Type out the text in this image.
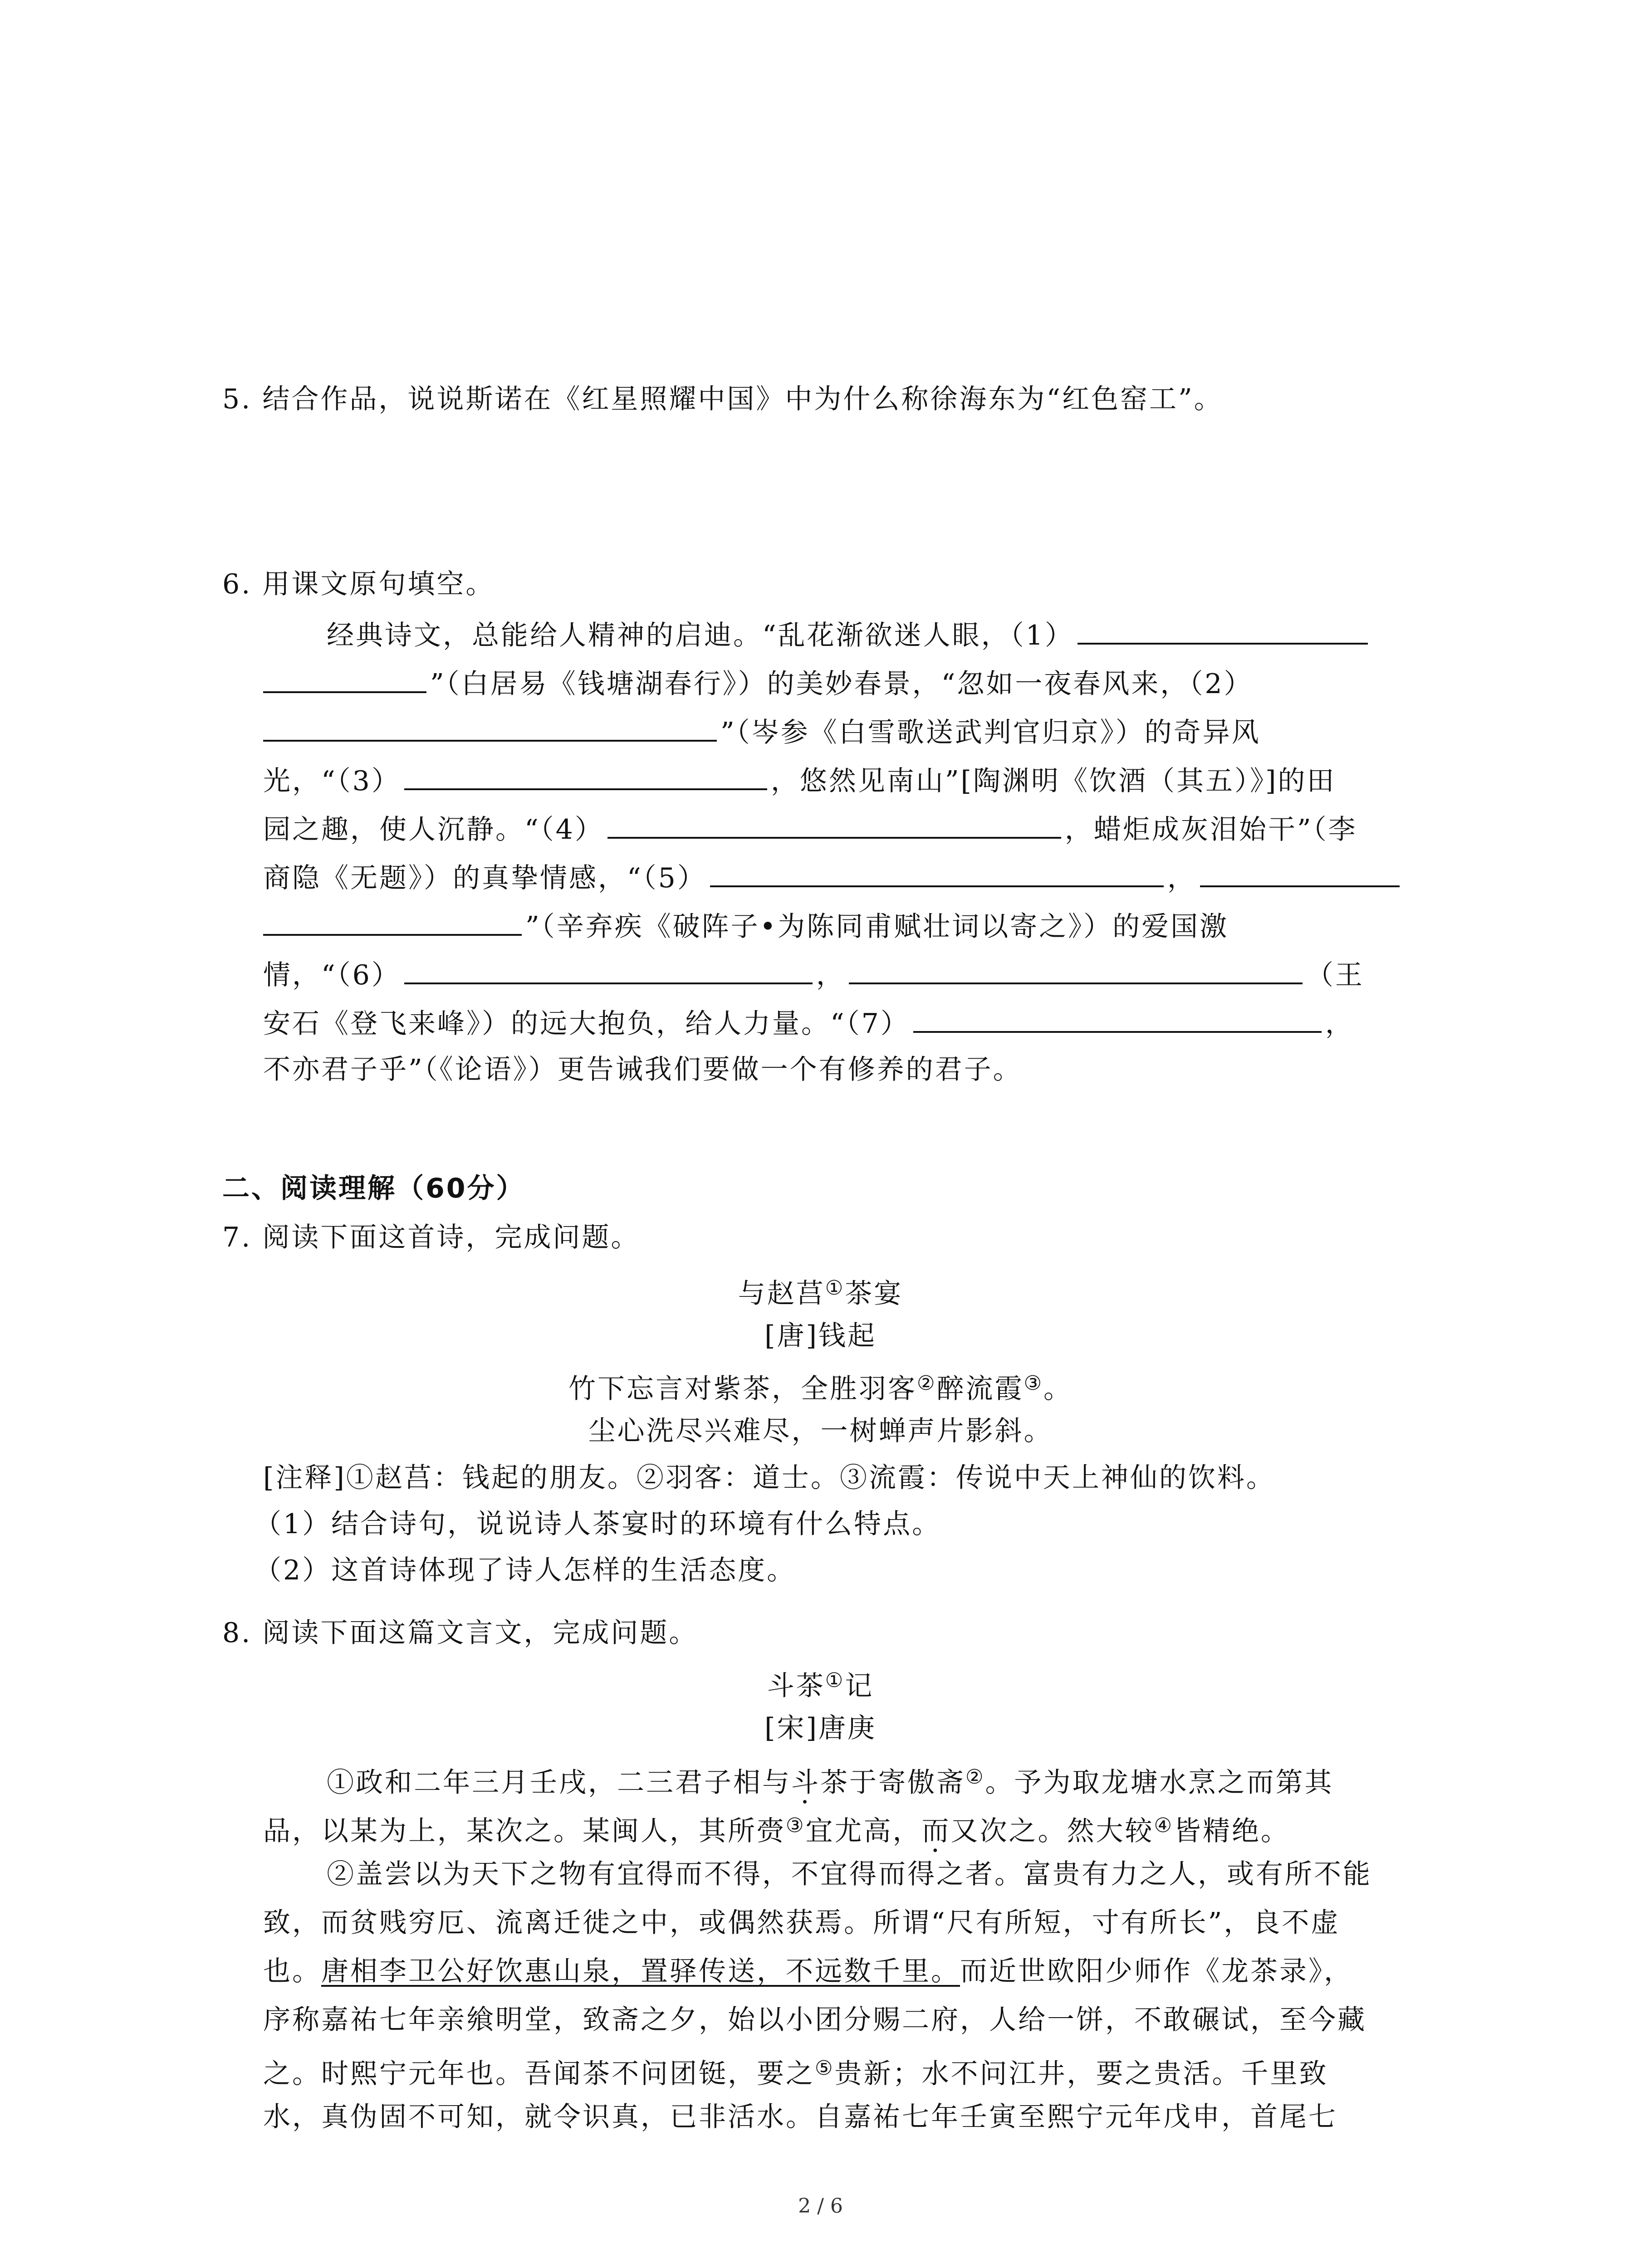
5. 结合作品，说说斯诺在《红星照耀中国》中为什么称徐海东为“红色窑工”。
6. 用课文原句填空。
经典诗文，总能给人精神的启迪。“乱花渐欲迷人眼，（1）
”（白居易《钱塘湖春行》）的美妙春景，“忽如一夜春风来，（2）
”（岑参《白雪歌送武判官归京》）的奇异风
光，“（3）	，悠然见南山”[陶渊明《饮酒（其五）》]的田
园之趣，使人沉静。“（4）	，蜡炬成灰泪始干”（李
商隐《无题》）的真挚情感，“（5）	，
”（辛弃疾《破阵子•为陈同甫赋壮词以寄之》）的爱国激
情，“（6）	，	（王
安石《登飞来峰》）的远大抱负，给人力量。“（7）	，
不亦君子乎”（《论语》）更告诫我们要做一个有修养的君子。
二、阅读理解（60分）
7. 阅读下面这首诗，完成问题。
与赵莒①茶宴
[唐]钱起
竹下忘言对紫茶，全胜羽客②醉流霞③。
尘心洗尽兴难尽，一树蝉声片影斜。
[注释]①赵莒：钱起的朋友。②羽客：道士。③流霞：传说中天上神仙的饮料。
（1）结合诗句，说说诗人茶宴时的环境有什么特点。
（2）这首诗体现了诗人怎样的生活态度。
8. 阅读下面这篇文言文，完成问题。
斗茶①记
[宋]唐庚
①政和二年三月壬戌，二三君子相与斗茶于寄傲斋②。予为取龙塘水烹之而第其
品，以某为上，某次之。某闽人，其所赍③宜尤高，而又次之。然大较④皆精绝。
②盖尝以为天下之物有宜得而不得，不宜得而得之者。富贵有力之人，或有所不能
致，而贫贱穷厄、流离迁徙之中，或偶然获焉。所谓“尺有所短，寸有所长”，良不虚
也。唐相李卫公好饮惠山泉，置驿传送，不远数千里。而近世欧阳少师作《龙茶录》，
序称嘉祐七年亲飨明堂，致斋之夕，始以小团分赐二府，人给一饼，不敢碾试，至今藏
之。时熙宁元年也。吾闻茶不问团铤，要之⑤贵新；水不问江井，要之贵活。千里致
水，真伪固不可知，就令识真，已非活水。自嘉祐七年壬寅至熙宁元年戊申，首尾七
2 / 6
